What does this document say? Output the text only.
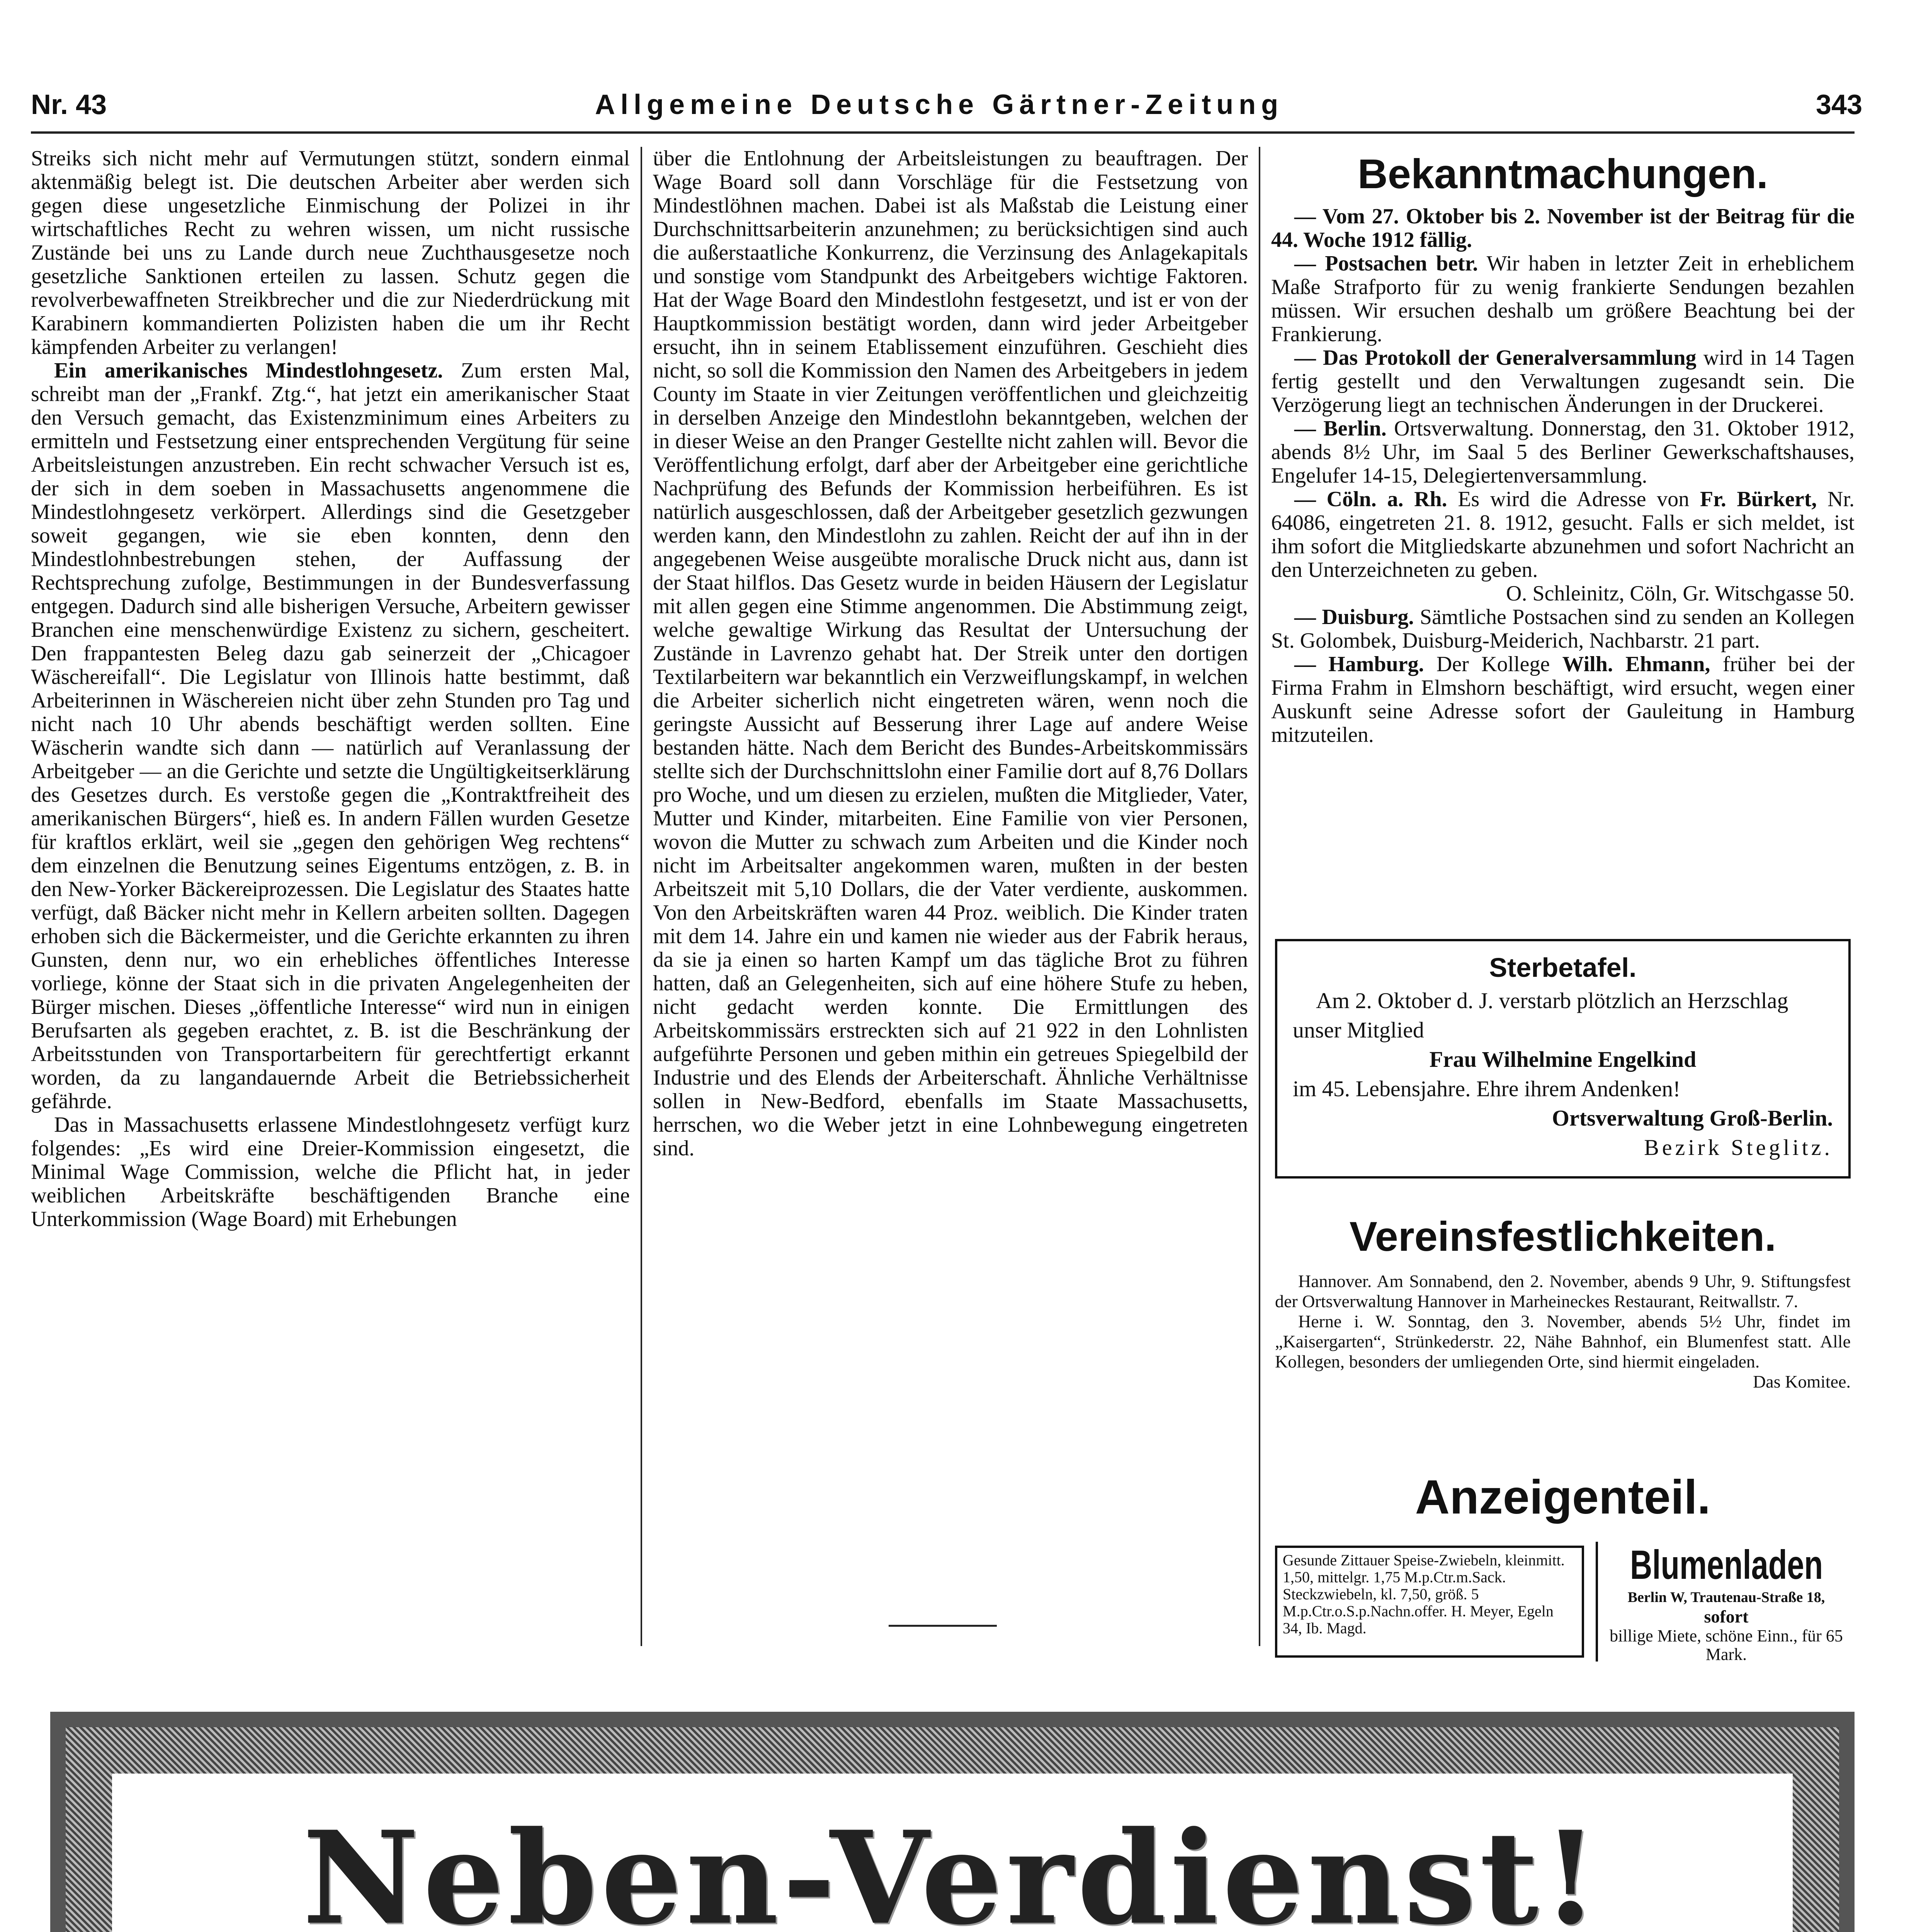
Nr. 43	Allgemeine Deutsche Gärtner-Zeitung	343

Streiks sich nicht mehr auf Vermutungen stützt, sondern einmal aktenmäßig belegt ist. Die deutschen Arbeiter aber werden sich gegen diese ungesetzliche Einmischung der Polizei in ihr wirtschaftliches Recht zu wehren wissen, um nicht russische Zustände bei uns zu Lande durch neue Zuchthausgesetze noch gesetzliche Sanktionen erteilen zu lassen. Schutz gegen die revolverbewaffneten Streikbrecher und die zur Niederdrückung mit Karabinern kommandierten Polizisten haben die um ihr Recht kämpfenden Arbeiter zu verlangen!

Ein amerikanisches Mindestlohngesetz. Zum ersten Mal, schreibt man der „Frankf. Ztg.“, hat jetzt ein amerikanischer Staat den Versuch gemacht, das Existenzminimum eines Arbeiters zu ermitteln und Festsetzung einer entsprechenden Vergütung für seine Arbeitsleistungen anzustreben. Ein recht schwacher Versuch ist es, der sich in dem soeben in Massachusetts angenommene die Mindestlohngesetz verkörpert. Allerdings sind die Gesetzgeber soweit gegangen, wie sie eben konnten, denn den Mindestlohnbestrebungen stehen, der Auffassung der Rechtsprechung zufolge, Bestimmungen in der Bundesverfassung entgegen. Dadurch sind alle bisherigen Versuche, Arbeitern gewisser Branchen eine menschenwürdige Existenz zu sichern, gescheitert. Den frappantesten Beleg dazu gab seinerzeit der „Chicagoer Wäschereifall“. Die Legislatur von Illinois hatte bestimmt, daß Arbeiterinnen in Wäschereien nicht über zehn Stunden pro Tag und nicht nach 10 Uhr abends beschäftigt werden sollten. Eine Wäscherin wandte sich dann — natürlich auf Veranlassung der Arbeitgeber — an die Gerichte und setzte die Ungültigkeitserklärung des Gesetzes durch. Es verstoße gegen die „Kontraktfreiheit des amerikanischen Bürgers“, hieß es. In andern Fällen wurden Gesetze für kraftlos erklärt, weil sie „gegen den gehörigen Weg rechtens“ dem einzelnen die Benutzung seines Eigentums entzögen, z. B. in den New-Yorker Bäckereiprozessen. Die Legislatur des Staates hatte verfügt, daß Bäcker nicht mehr in Kellern arbeiten sollten. Dagegen erhoben sich die Bäckermeister, und die Gerichte erkannten zu ihren Gunsten, denn nur, wo ein erhebliches öffentliches Interesse vorliege, könne der Staat sich in die privaten Angelegenheiten der Bürger mischen. Dieses „öffentliche Interesse“ wird nun in einigen Berufsarten als gegeben erachtet, z. B. ist die Beschränkung der Arbeitsstunden von Transportarbeitern für gerechtfertigt erkannt worden, da zu langandauernde Arbeit die Betriebssicherheit gefährde.

Das in Massachusetts erlassene Mindestlohngesetz verfügt kurz folgendes: „Es wird eine Dreier-Kommission eingesetzt, die Minimal Wage Commission, welche die Pflicht hat, in jeder weiblichen Arbeitskräfte beschäftigenden Branche eine Unterkommission (Wage Board) mit Erhebungen

über die Entlohnung der Arbeitsleistungen zu beauftragen. Der Wage Board soll dann Vorschläge für die Festsetzung von Mindestlöhnen machen. Dabei ist als Maßstab die Leistung einer Durchschnittsarbeiterin anzunehmen; zu berücksichtigen sind auch die außerstaatliche Konkurrenz, die Verzinsung des Anlagekapitals und sonstige vom Standpunkt des Arbeitgebers wichtige Faktoren. Hat der Wage Board den Mindestlohn festgesetzt, und ist er von der Hauptkommission bestätigt worden, dann wird jeder Arbeitgeber ersucht, ihn in seinem Etablissement einzuführen. Geschieht dies nicht, so soll die Kommission den Namen des Arbeitgebers in jedem County im Staate in vier Zeitungen veröffentlichen und gleichzeitig in derselben Anzeige den Mindestlohn bekanntgeben, welchen der in dieser Weise an den Pranger Gestellte nicht zahlen will. Bevor die Veröffentlichung erfolgt, darf aber der Arbeitgeber eine gerichtliche Nachprüfung des Befunds der Kommission herbeiführen. Es ist natürlich ausgeschlossen, daß der Arbeitgeber gesetzlich gezwungen werden kann, den Mindestlohn zu zahlen. Reicht der auf ihn in der angegebenen Weise ausgeübte moralische Druck nicht aus, dann ist der Staat hilflos. Das Gesetz wurde in beiden Häusern der Legislatur mit allen gegen eine Stimme angenommen. Die Abstimmung zeigt, welche gewaltige Wirkung das Resultat der Untersuchung der Zustände in Lavrenzo gehabt hat. Der Streik unter den dortigen Textilarbeitern war bekanntlich ein Verzweiflungskampf, in welchen die Arbeiter sicherlich nicht eingetreten wären, wenn noch die geringste Aussicht auf Besserung ihrer Lage auf andere Weise bestanden hätte. Nach dem Bericht des Bundes-Arbeitskommissärs stellte sich der Durchschnittslohn einer Familie dort auf 8,76 Dollars pro Woche, und um diesen zu erzielen, mußten die Mitglieder, Vater, Mutter und Kinder, mitarbeiten. Eine Familie von vier Personen, wovon die Mutter zu schwach zum Arbeiten und die Kinder noch nicht im Arbeitsalter angekommen waren, mußten in der besten Arbeitszeit mit 5,10 Dollars, die der Vater verdiente, auskommen. Von den Arbeitskräften waren 44 Proz. weiblich. Die Kinder traten mit dem 14. Jahre ein und kamen nie wieder aus der Fabrik heraus, da sie ja einen so harten Kampf um das tägliche Brot zu führen hatten, daß an Gelegenheiten, sich auf eine höhere Stufe zu heben, nicht gedacht werden konnte. Die Ermittlungen des Arbeitskommissärs erstreckten sich auf 21 922 in den Lohnlisten aufgeführte Personen und geben mithin ein getreues Spiegelbild der Industrie und des Elends der Arbeiterschaft. Ähnliche Verhältnisse sollen in New-Bedford, ebenfalls im Staate Massachusetts, herrschen, wo die Weber jetzt in eine Lohnbewegung eingetreten sind.

Bekanntmachungen.

— Vom 27. Oktober bis 2. November ist der Beitrag für die 44. Woche 1912 fällig.

— Postsachen betr. Wir haben in letzter Zeit in erheblichem Maße Strafporto für zu wenig frankierte Sendungen bezahlen müssen. Wir ersuchen deshalb um größere Beachtung bei der Frankierung.

— Das Protokoll der Generalversammlung wird in 14 Tagen fertig gestellt und den Verwaltungen zugesandt sein. Die Verzögerung liegt an technischen Änderungen in der Druckerei.

— Berlin. Ortsverwaltung. Donnerstag, den 31. Oktober 1912, abends 8½ Uhr, im Saal 5 des Berliner Gewerkschaftshauses, Engelufer 14-15, Delegiertenversammlung.

— Cöln. a. Rh. Es wird die Adresse von Fr. Bürkert, Nr. 64086, eingetreten 21. 8. 1912, gesucht. Falls er sich meldet, ist ihm sofort die Mitgliedskarte abzunehmen und sofort Nachricht an den Unterzeichneten zu geben.

O. Schleinitz, Cöln, Gr. Witschgasse 50.

— Duisburg. Sämtliche Postsachen sind zu senden an Kollegen St. Golombek, Duisburg-Meiderich, Nachbarstr. 21 part.

— Hamburg. Der Kollege Wilh. Ehmann, früher bei der Firma Frahm in Elmshorn beschäftigt, wird ersucht, wegen einer Auskunft seine Adresse sofort der Gauleitung in Hamburg mitzuteilen.

Sterbetafel.
Am 2. Oktober d. J. verstarb plötzlich an Herzschlag unser Mitglied
Frau Wilhelmine Engelkind
im 45. Lebensjahre. Ehre ihrem Andenken!
Ortsverwaltung Groß-Berlin.
Bezirk Steglitz.
Vereinsfestlichkeiten.
Hannover. Am Sonnabend, den 2. November, abends 9 Uhr, 9. Stiftungsfest der Ortsverwaltung Hannover in Marheineckes Restaurant, Reitwallstr. 7.
Herne i. W. Sonntag, den 3. November, abends 5½ Uhr, findet im „Kaisergarten“, Strünkederstr. 22, Nähe Bahnhof, ein Blumenfest statt. Alle Kollegen, besonders der umliegenden Orte, sind hiermit eingeladen.
Das Komitee.
Anzeigenteil.
Gesunde Zittauer Speise-Zwiebeln, kleinmitt. 1,50, mittelgr. 1,75 M.p.Ctr.m.Sack. Steckzwiebeln, kl. 7,50, größ. 5 M.p.Ctr.o.S.p.Nachn.offer. H. Meyer, Egeln 34, Ib. Magd.
Blumenladen
Berlin W, Trautenau-Straße 18,
sofort
billige Miete, schöne Einn., für 65 Mark.
Neben-Verdienst!
